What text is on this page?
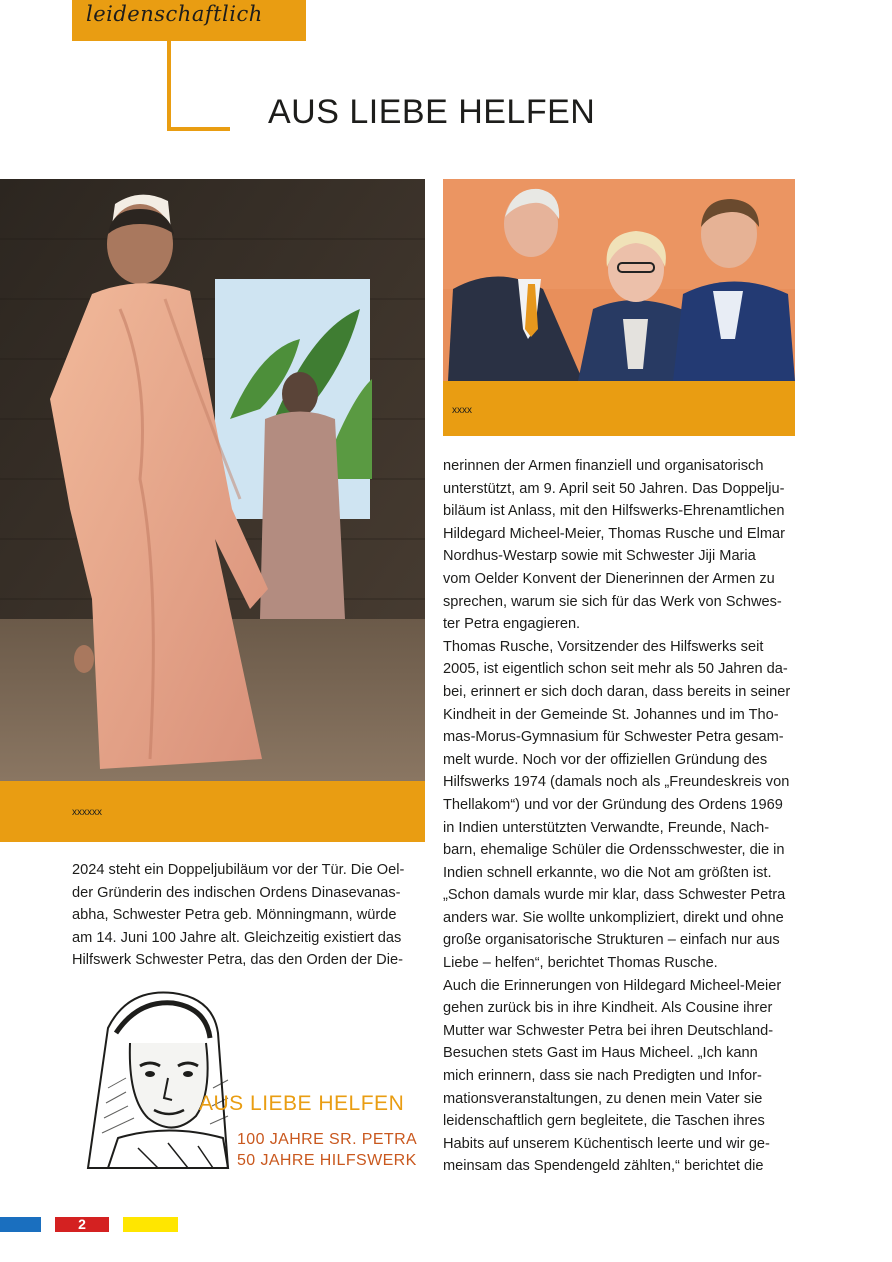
leidenschaftlich
AUS LIEBE HELFEN
xxxxxx
xxxx
2024 steht ein Doppeljubiläum vor der Tür. Die Oel-
der Gründerin des indischen Ordens Dinasevanas-
abha, Schwester Petra geb. Mönningmann, würde
am 14. Juni 100 Jahre alt. Gleichzeitig existiert das
Hilfswerk Schwester Petra, das den Orden der Die-
nerinnen der Armen finanziell und organisatorisch
unterstützt, am 9. April seit 50 Jahren. Das Doppelju-
biläum ist Anlass, mit den Hilfswerks-Ehrenamtlichen
Hildegard Micheel-Meier, Thomas Rusche und Elmar
Nordhus-Westarp sowie mit Schwester Jiji Maria
vom Oelder Konvent der Dienerinnen der Armen zu
sprechen, warum sie sich für das Werk von Schwes-
ter Petra engagieren.
Thomas Rusche, Vorsitzender des Hilfswerks seit
2005, ist eigentlich schon seit mehr als 50 Jahren da-
bei, erinnert er sich doch daran, dass bereits in seiner
Kindheit in der Gemeinde St. Johannes und im Tho-
mas-Morus-Gymnasium für Schwester Petra gesam-
melt wurde. Noch vor der offiziellen Gründung des
Hilfswerks 1974 (damals noch als „Freundeskreis von
Thellakom“) und vor der Gründung des Ordens 1969
in Indien unterstützten Verwandte, Freunde, Nach-
barn, ehemalige Schüler die Ordensschwester, die in
Indien schnell erkannte, wo die Not am größten ist.
„Schon damals wurde mir klar, dass Schwester Petra
anders war. Sie wollte unkompliziert, direkt und ohne
große organisatorische Strukturen – einfach nur aus
Liebe – helfen“, berichtet Thomas Rusche.
Auch die Erinnerungen von Hildegard Micheel-Meier
gehen zurück bis in ihre Kindheit. Als Cousine ihrer
Mutter war Schwester Petra bei ihren Deutschland-
Besuchen stets Gast im Haus Micheel. „Ich kann
mich erinnern, dass sie nach Predigten und Infor-
mationsveranstaltungen, zu denen mein Vater sie
leidenschaftlich gern begleitete, die Taschen ihres
Habits auf unserem Küchentisch leerte und wir ge-
meinsam das Spendengeld zählten,“ berichtet die
AUS LIEBE HELFEN
100 JAHRE SR. PETRA
50 JAHRE HILFSWERK
2
